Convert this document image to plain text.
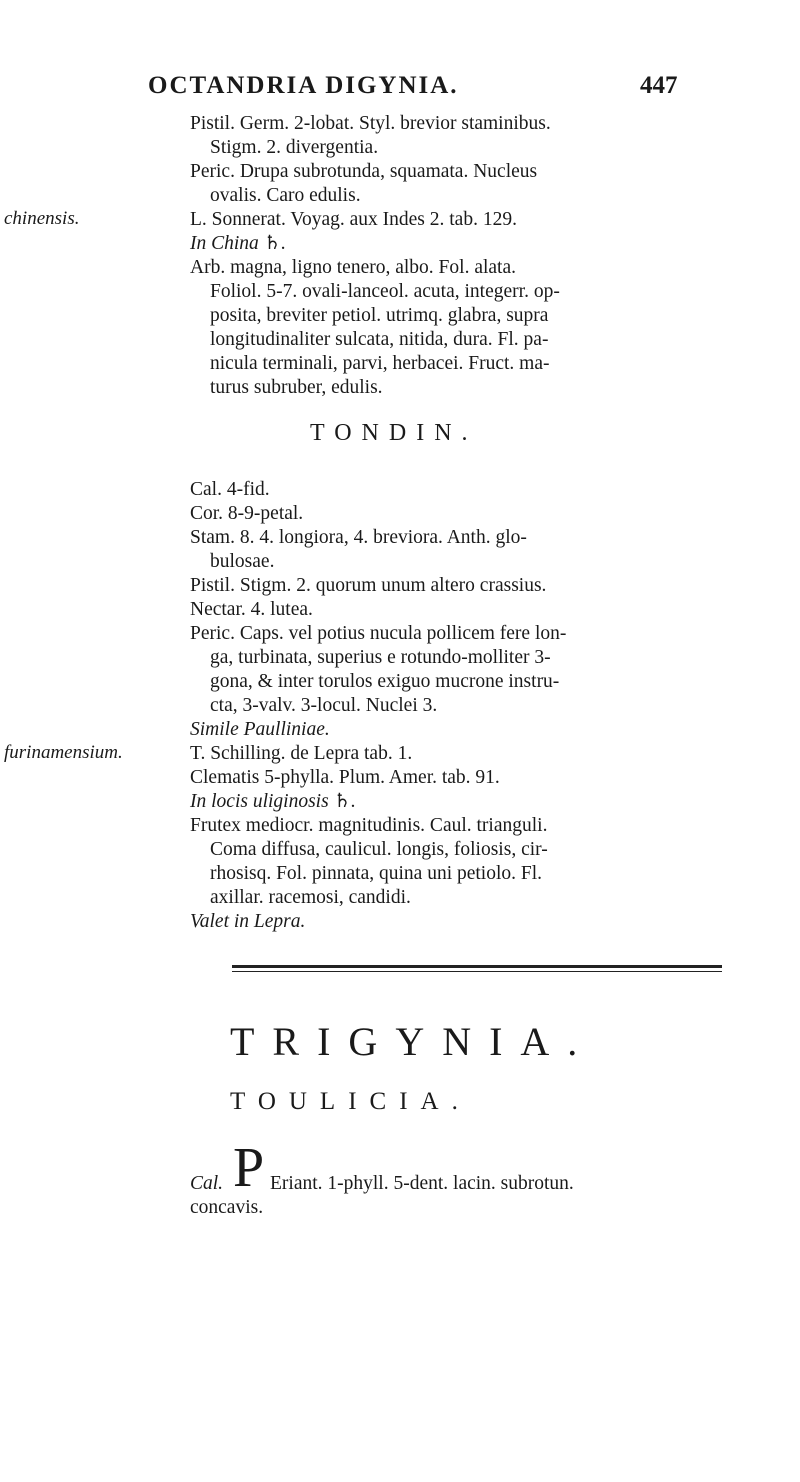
OCTANDRIA DIGYNIA.	447
Pistil. Germ. 2-lobat. Styl. brevior staminibus.
Stigm. 2. divergentia.
Peric. Drupa subrotunda, squamata. Nucleus
ovalis. Caro edulis.
chinensis.	L. Sonnerat. Voyag. aux Indes 2. tab. 129.
In China ♄.
Arb. magna, ligno tenero, albo. Fol. alata.
Foliol. 5-7. ovali-lanceol. acuta, integerr. op-
posita, breviter petiol. utrimq. glabra, supra
longitudinaliter sulcata, nitida, dura. Fl. pa-
nicula terminali, parvi, herbacei. Fruct. ma-
turus subruber, edulis.
TONDIN.
Cal. 4-fid.
Cor. 8-9-petal.
Stam. 8. 4. longiora, 4. breviora. Anth. glo-
bulosae.
Pistil. Stigm. 2. quorum unum altero crassius.
Nectar. 4. lutea.
Peric. Caps. vel potius nucula pollicem fere lon-
ga, turbinata, superius e rotundo-molliter 3-
gona, & inter torulos exiguo mucrone instru-
cta, 3-valv. 3-locul. Nuclei 3.
Simile Paulliniae.
furinamensium.	T. Schilling. de Lepra tab. 1.
Clematis 5-phylla. Plum. Amer. tab. 91.
In locis uliginosis ♄.
Frutex mediocr. magnitudinis. Caul. trianguli.
Coma diffusa, caulicul. longis, foliosis, cir-
rhosisq. Fol. pinnata, quina uni petiolo. Fl.
axillar. racemosi, candidi.
Valet in Lepra.
TRIGYNIA.
TOULICIA.
Cal. P Eriant. 1-phyll. 5-dent. lacin. subrotun.
concavis.
